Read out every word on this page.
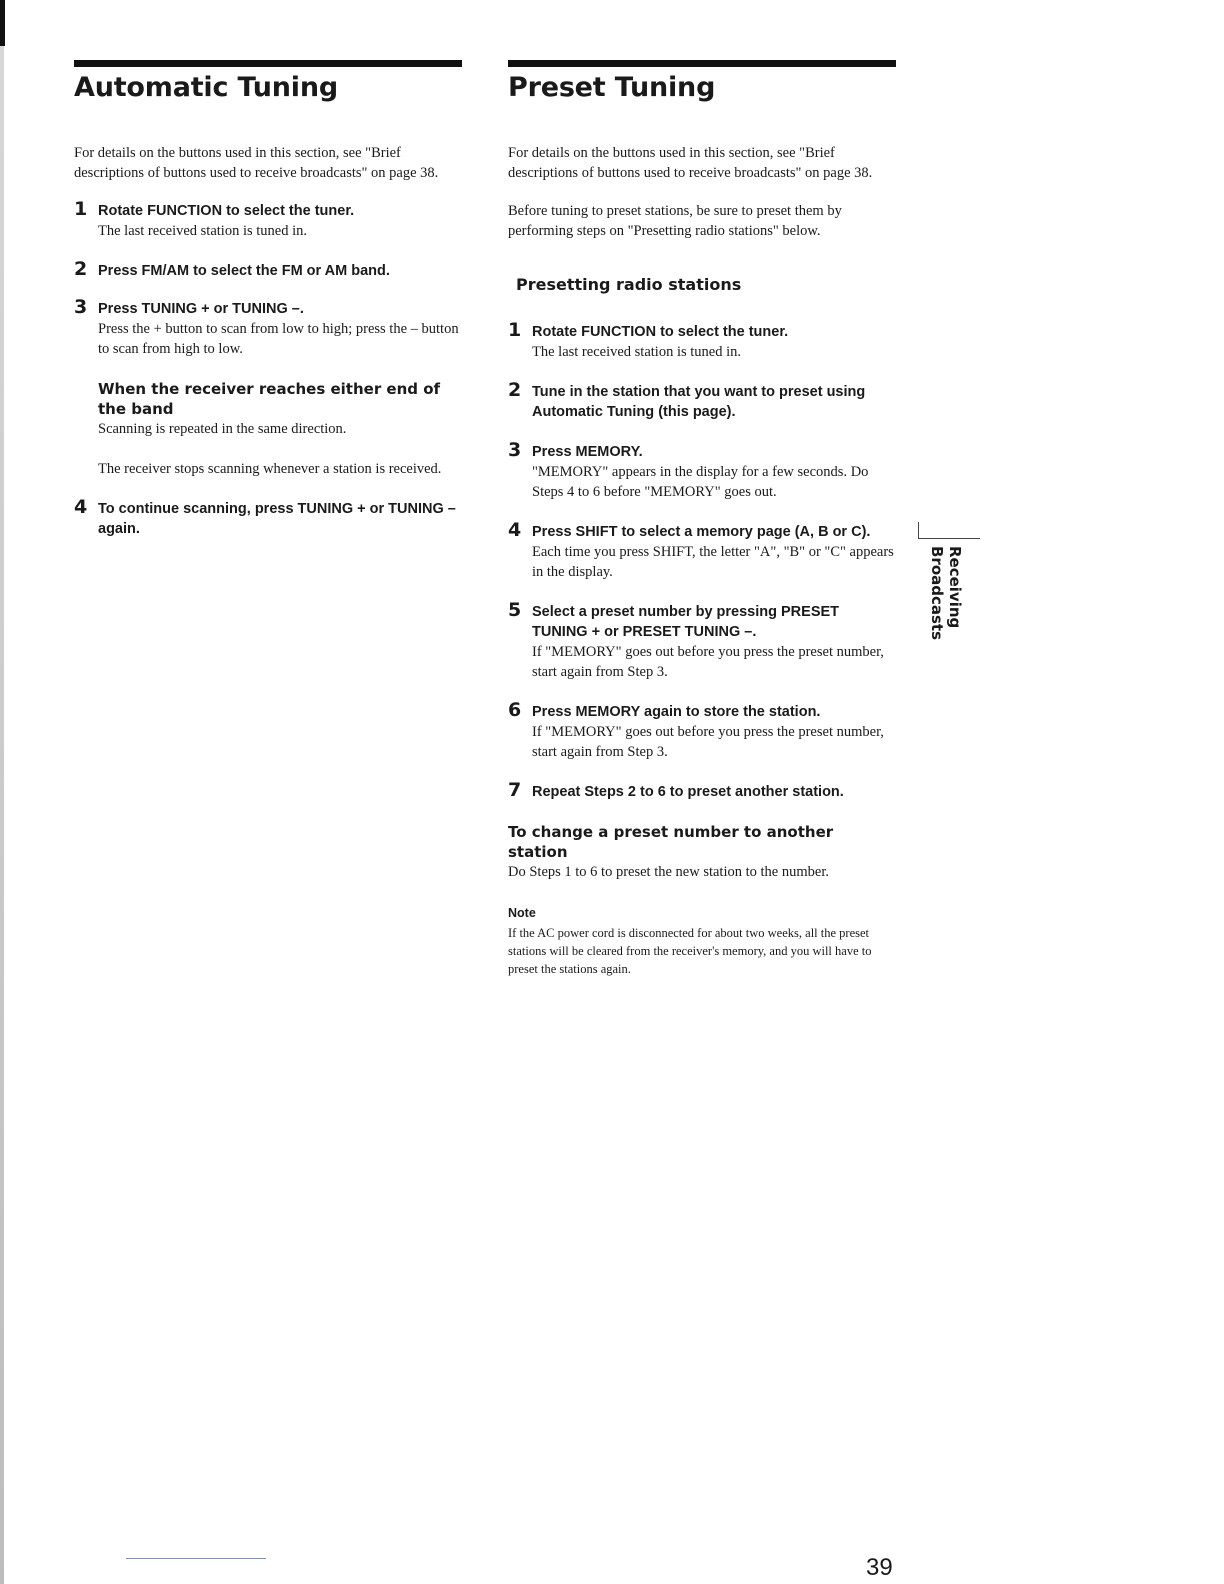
Automatic Tuning
For details on the buttons used in this section, see "Brief descriptions of buttons used to receive broadcasts" on page 38.
1 Rotate FUNCTION to select the tuner.
The last received station is tuned in.
2 Press FM/AM to select the FM or AM band.
3 Press TUNING + or TUNING –.
Press the + button to scan from low to high; press the – button to scan from high to low.
When the receiver reaches either end of the band
Scanning is repeated in the same direction.
The receiver stops scanning whenever a station is received.
4 To continue scanning, press TUNING + or TUNING – again.
Preset Tuning
For details on the buttons used in this section, see "Brief descriptions of buttons used to receive broadcasts" on page 38.
Before tuning to preset stations, be sure to preset them by performing steps on "Presetting radio stations" below.
Presetting radio stations
1 Rotate FUNCTION to select the tuner.
The last received station is tuned in.
2 Tune in the station that you want to preset using Automatic Tuning (this page).
3 Press MEMORY.
"MEMORY" appears in the display for a few seconds. Do Steps 4 to 6 before "MEMORY" goes out.
4 Press SHIFT to select a memory page (A, B or C).
Each time you press SHIFT, the letter "A", "B" or "C" appears in the display.
5 Select a preset number by pressing PRESET TUNING + or PRESET TUNING –.
If "MEMORY" goes out before you press the preset number, start again from Step 3.
6 Press MEMORY again to store the station.
If "MEMORY" goes out before you press the preset number, start again from Step 3.
7 Repeat Steps 2 to 6 to preset another station.
To change a preset number to another station
Do Steps 1 to 6 to preset the new station to the number.
Note
If the AC power cord is disconnected for about two weeks, all the preset stations will be cleared from the receiver's memory, and you will have to preset the stations again.
Receiving Broadcasts
39
